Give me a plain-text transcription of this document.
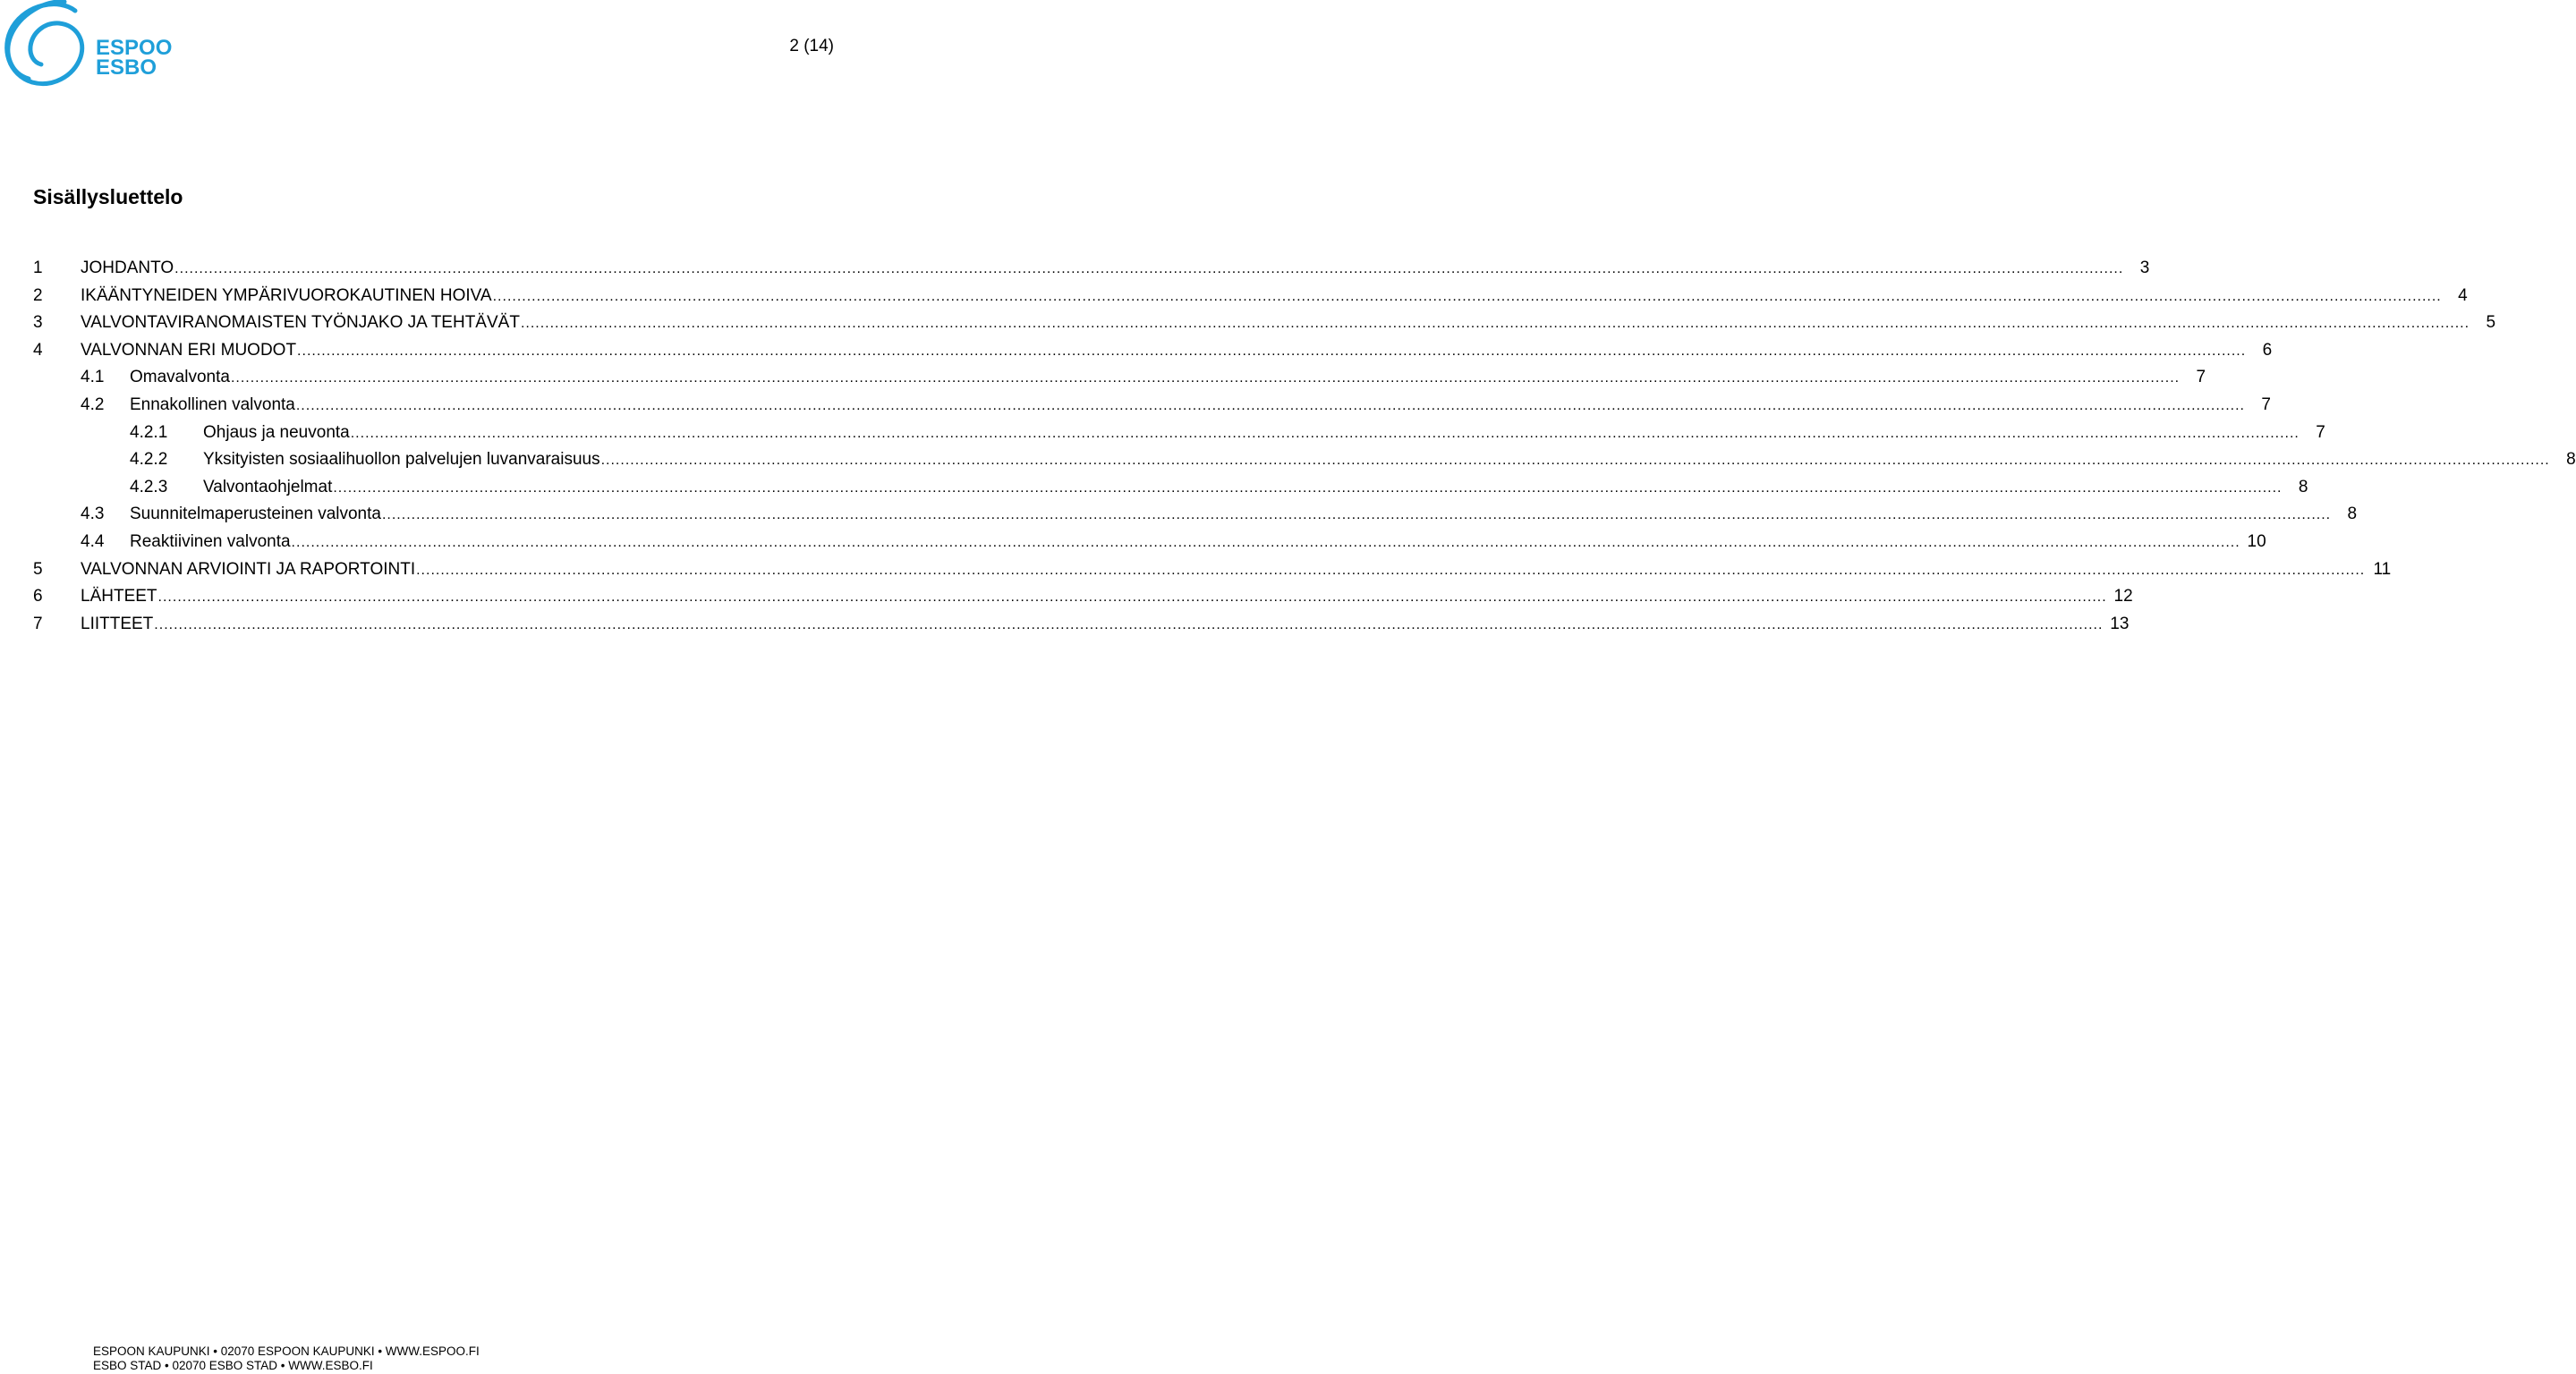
ESPOO
ESBO
2 (14)
Sisällysluettelo
1 JOHDANTO ................................................................................................................................................................................................................................................................................................................................................................................................................ 3
2 IKÄÄNTYNEIDEN YMPÄRIVUOROKAUTINEN HOIVA ................................................................................................................................................................................................................................................................................................................................................................................................................ 4
3 VALVONTAVIRANOMAISTEN TYÖNJAKO JA TEHTÄVÄT ................................................................................................................................................................................................................................................................................................................................................................................................................ 5
4 VALVONNAN ERI MUODOT ................................................................................................................................................................................................................................................................................................................................................................................................................ 6
4.1 Omavalvonta ................................................................................................................................................................................................................................................................................................................................................................................................................ 7
4.2 Ennakollinen valvonta ................................................................................................................................................................................................................................................................................................................................................................................................................ 7
4.2.1 Ohjaus ja neuvonta ................................................................................................................................................................................................................................................................................................................................................................................................................ 7
4.2.2 Yksityisten sosiaalihuollon palvelujen luvanvaraisuus ................................................................................................................................................................................................................................................................................................................................................................................................................ 8
4.2.3 Valvontaohjelmat ................................................................................................................................................................................................................................................................................................................................................................................................................ 8
4.3 Suunnitelmaperusteinen valvonta ................................................................................................................................................................................................................................................................................................................................................................................................................ 8
4.4 Reaktiivinen valvonta ................................................................................................................................................................................................................................................................................................................................................................................................................ 10
5 VALVONNAN ARVIOINTI JA RAPORTOINTI ................................................................................................................................................................................................................................................................................................................................................................................................................ 11
6 LÄHTEET ................................................................................................................................................................................................................................................................................................................................................................................................................ 12
7 LIITTEET ................................................................................................................................................................................................................................................................................................................................................................................................................ 13
ESPOON KAUPUNKI • 02070 ESPOON KAUPUNKI • WWW.ESPOO.FI
ESBO STAD • 02070 ESBO STAD • WWW.ESBO.FI
